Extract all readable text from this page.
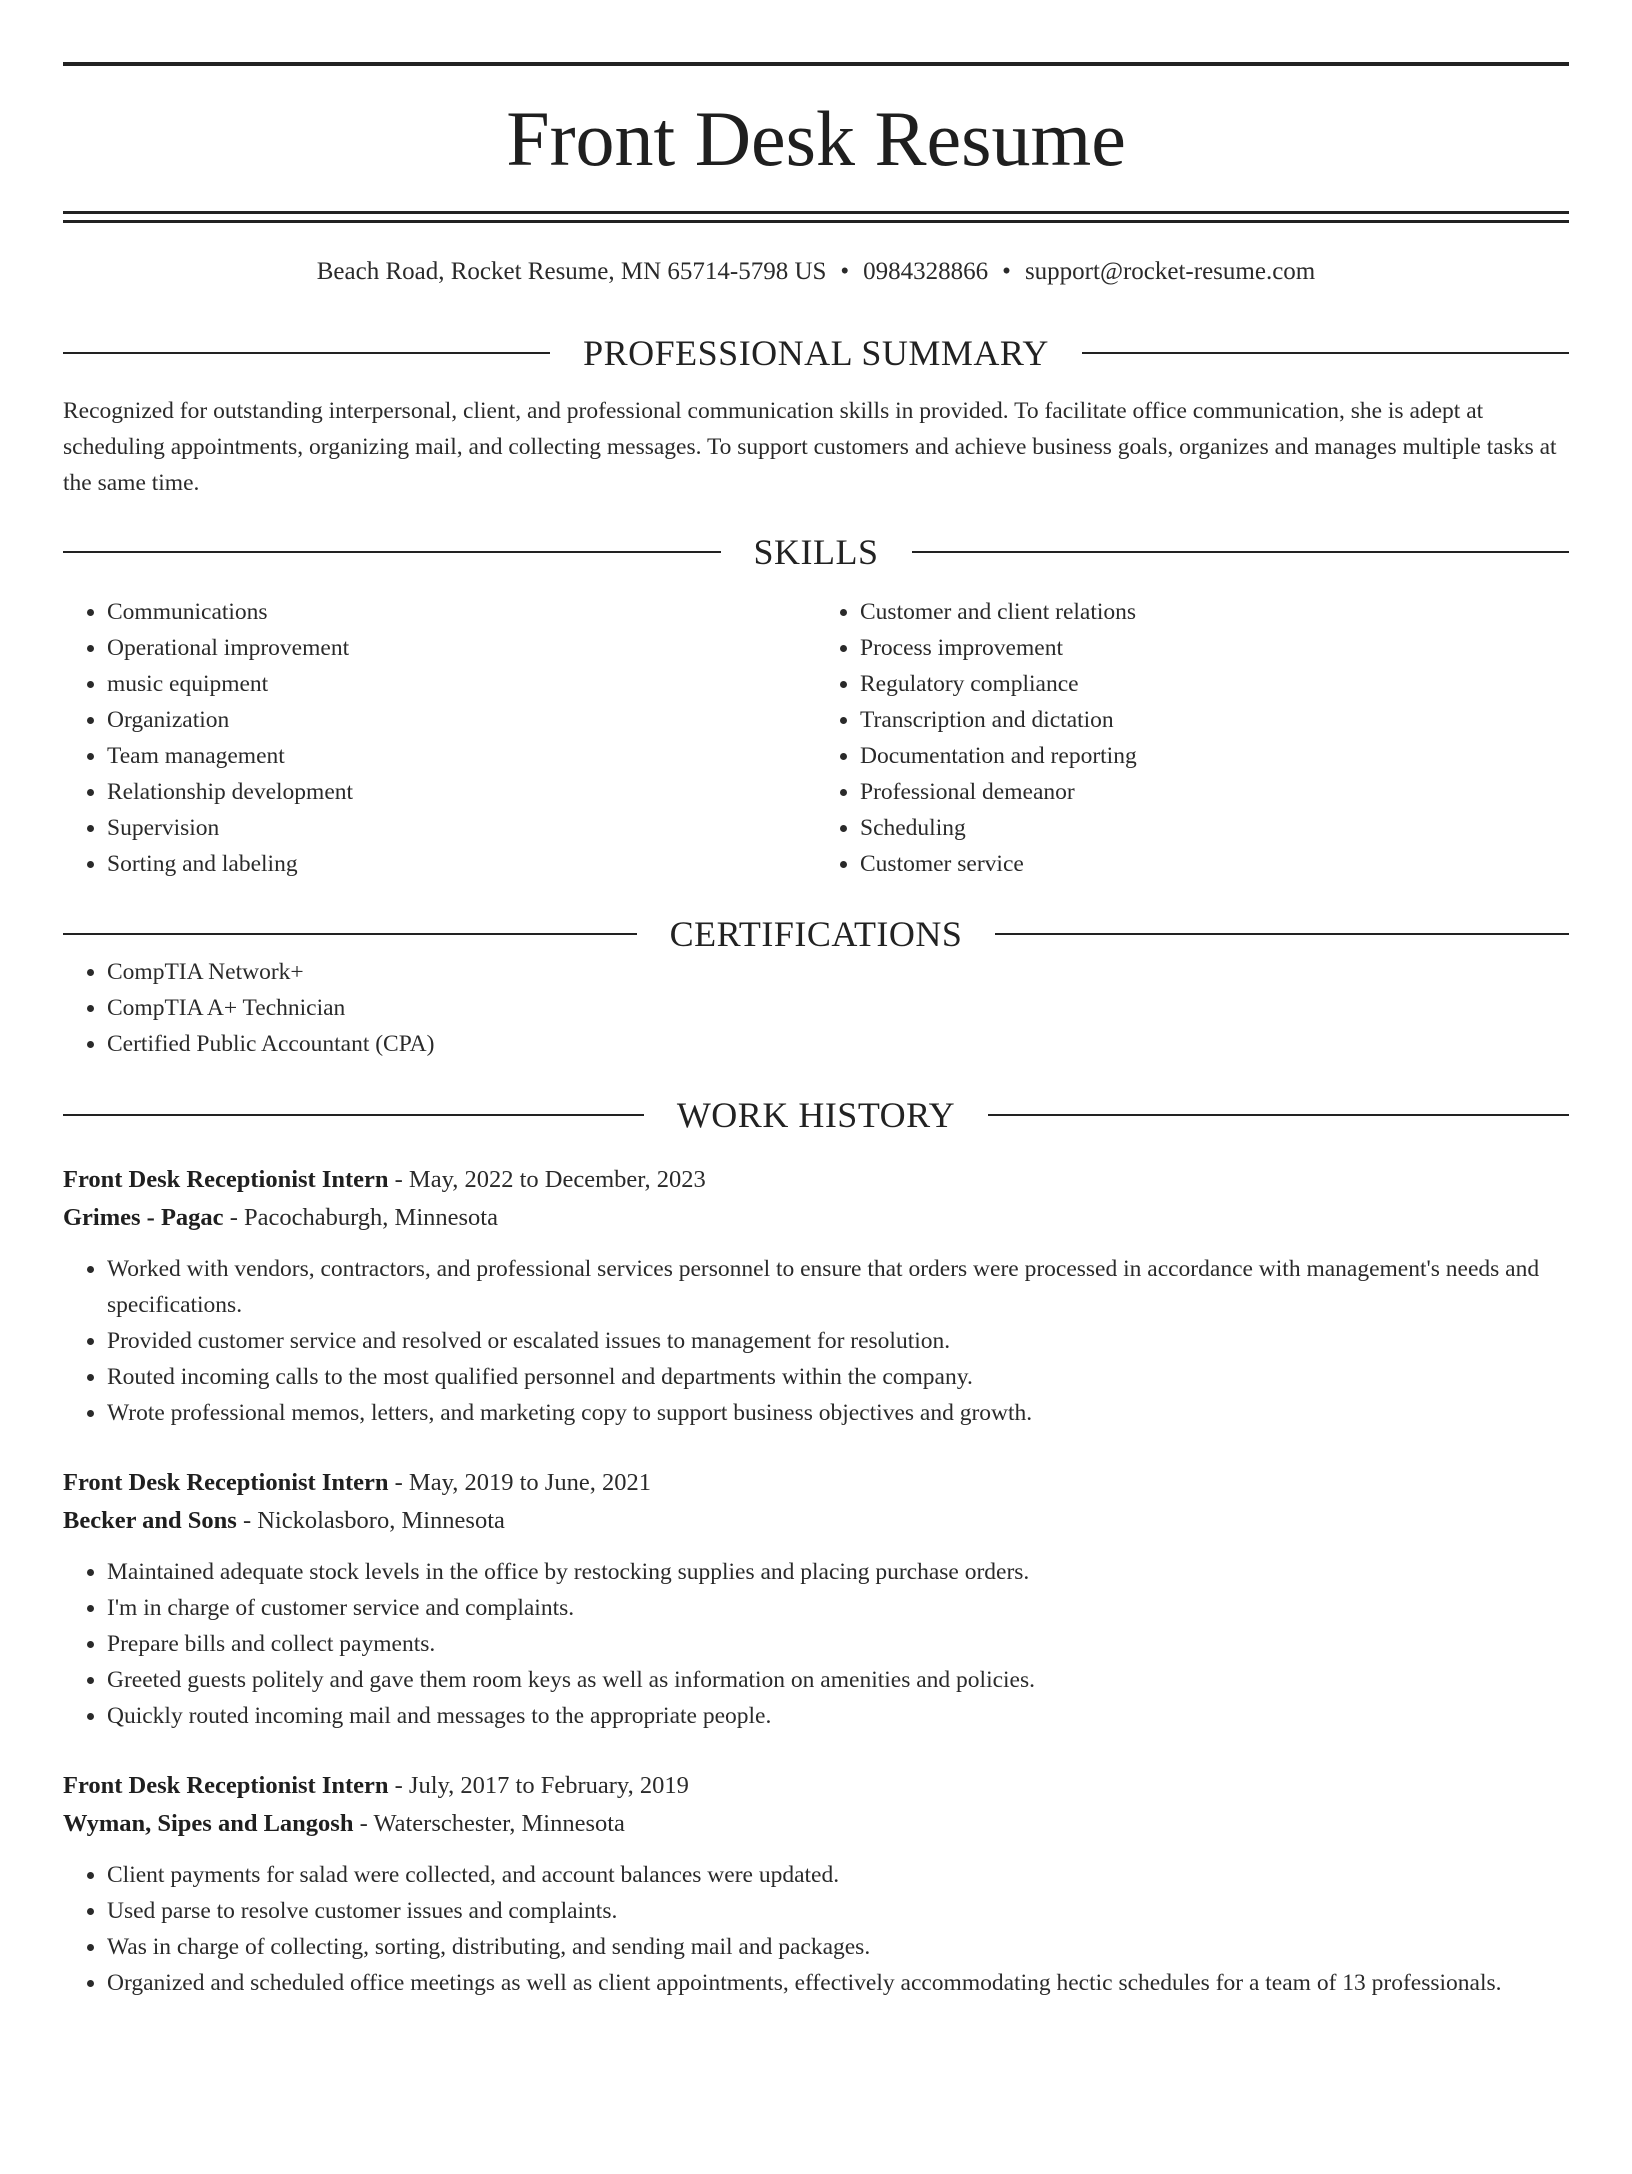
Front Desk Resume
Beach Road, Rocket Resume, MN 65714-5798 US • 0984328866 • support@rocket-resume.com
PROFESSIONAL SUMMARY
Recognized for outstanding interpersonal, client, and professional communication skills in provided. To facilitate office communication, she is adept at scheduling appointments, organizing mail, and collecting messages. To support customers and achieve business goals, organizes and manages multiple tasks at the same time.
SKILLS
• Communications
• Operational improvement
• music equipment
• Organization
• Team management
• Relationship development
• Supervision
• Sorting and labeling
• Customer and client relations
• Process improvement
• Regulatory compliance
• Transcription and dictation
• Documentation and reporting
• Professional demeanor
• Scheduling
• Customer service
CERTIFICATIONS
• CompTIA Network+
• CompTIA A+ Technician
• Certified Public Accountant (CPA)
WORK HISTORY
Front Desk Receptionist Intern - May, 2022 to December, 2023
Grimes - Pagac - Pacochaburgh, Minnesota
• Worked with vendors, contractors, and professional services personnel to ensure that orders were processed in accordance with management's needs and specifications.
• Provided customer service and resolved or escalated issues to management for resolution.
• Routed incoming calls to the most qualified personnel and departments within the company.
• Wrote professional memos, letters, and marketing copy to support business objectives and growth.
Front Desk Receptionist Intern - May, 2019 to June, 2021
Becker and Sons - Nickolasboro, Minnesota
• Maintained adequate stock levels in the office by restocking supplies and placing purchase orders.
• I'm in charge of customer service and complaints.
• Prepare bills and collect payments.
• Greeted guests politely and gave them room keys as well as information on amenities and policies.
• Quickly routed incoming mail and messages to the appropriate people.
Front Desk Receptionist Intern - July, 2017 to February, 2019
Wyman, Sipes and Langosh - Waterschester, Minnesota
• Client payments for salad were collected, and account balances were updated.
• Used parse to resolve customer issues and complaints.
• Was in charge of collecting, sorting, distributing, and sending mail and packages.
• Organized and scheduled office meetings as well as client appointments, effectively accommodating hectic schedules for a team of 13 professionals.
